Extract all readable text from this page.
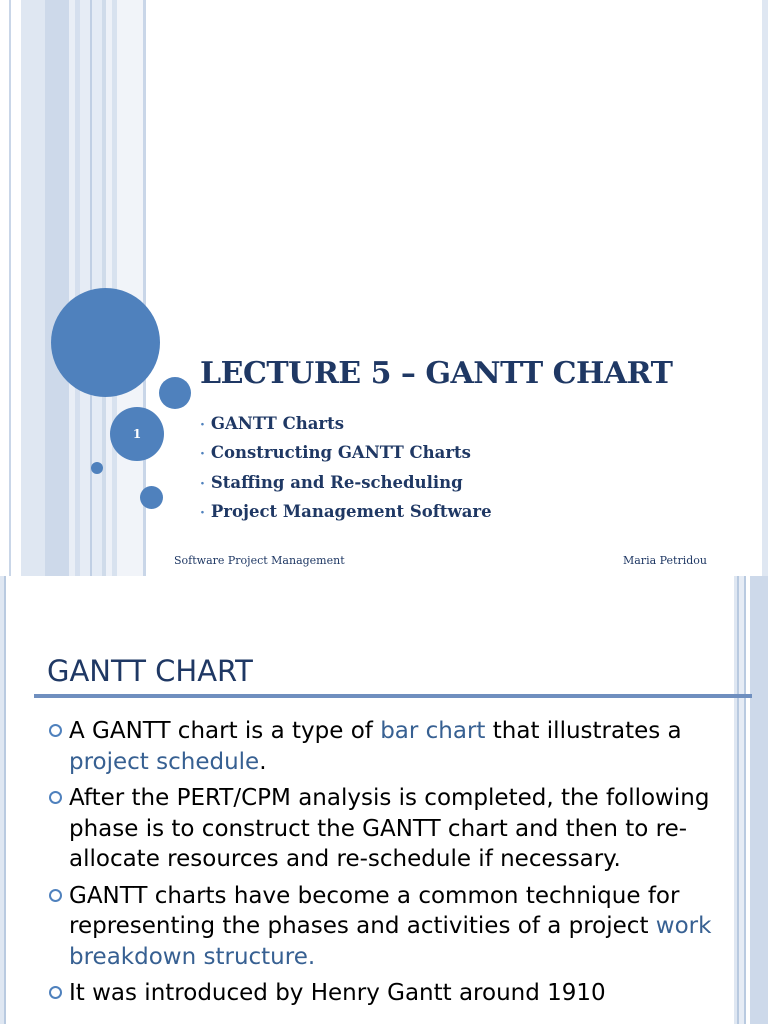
1
LECTURE 5 – GANTT CHART
· GANTT Charts
· Constructing GANTT Charts
· Staffing and Re-scheduling
· Project Management Software
Software Project Management	Maria Petridou
GANTT CHART
A GANTT chart is a type of bar chart that illustrates a project schedule.
After the PERT/CPM analysis is completed, the following phase is to construct the GANTT chart and then to re-allocate resources and re-schedule if necessary.
GANTT charts have become a common technique for representing the phases and activities of a project work breakdown structure.
It was introduced by Henry Gantt around 1910
